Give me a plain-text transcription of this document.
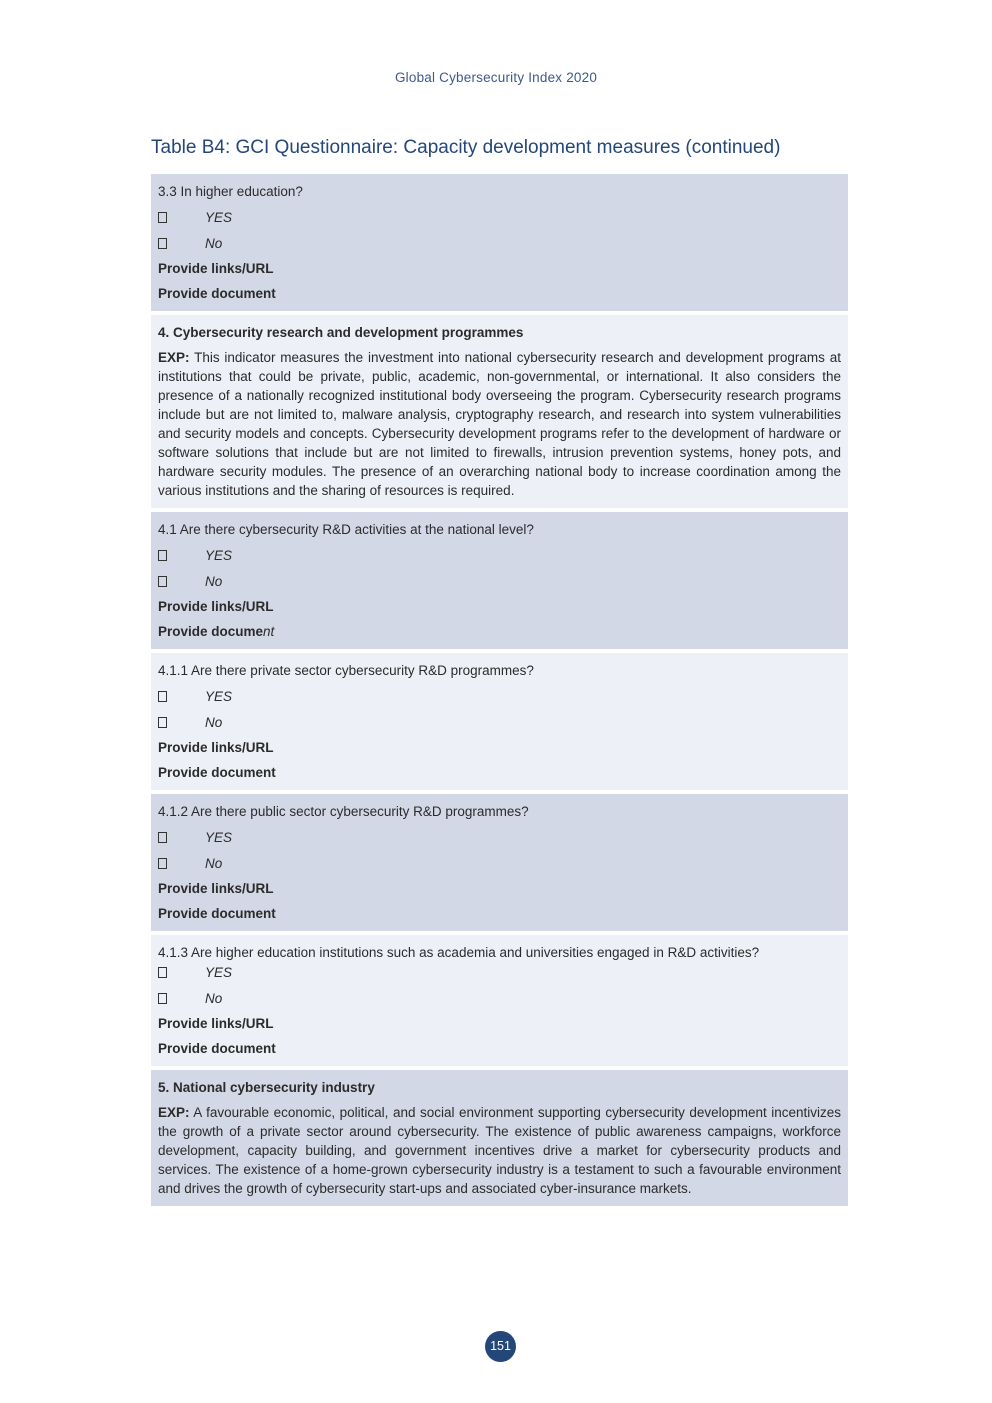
Global Cybersecurity Index 2020
Table B4: GCI Questionnaire: Capacity development measures (continued)

3.3 In higher education?

YES
No

Provide links/URL

Provide document

4. Cybersecurity research and development programmes

EXP: This indicator measures the investment into national cybersecurity research and development programs at institutions that could be private, public, academic, non-governmental, or international. It also considers the presence of a nationally recognized institutional body overseeing the program. Cybersecurity research programs include but are not limited to, malware analysis, cryptography research, and research into system vulnerabilities and security models and concepts. Cybersecurity development programs refer to the development of hardware or software solutions that include but are not limited to firewalls, intrusion prevention systems, honey pots, and hardware security modules. The presence of an overarching national body to increase coordination among the various institutions and the sharing of resources is required.

4.1 Are there cybersecurity R&D activities at the national level?

YES
No

Provide links/URL

Provide document

4.1.1 Are there private sector cybersecurity R&D programmes?

YES
No

Provide links/URL

Provide document

4.1.2 Are there public sector cybersecurity R&D programmes?

YES
No

Provide links/URL

Provide document

4.1.3 Are higher education institutions such as academia and universities engaged in R&D activities?

YES
No

Provide links/URL

Provide document

5. National cybersecurity industry

EXP: A favourable economic, political, and social environment supporting cybersecurity development incentivizes the growth of a private sector around cybersecurity. The existence of public awareness campaigns, workforce development, capacity building, and government incentives drive a market for cybersecurity products and services. The existence of a home-grown cybersecurity industry is a testament to such a favourable environment and drives the growth of cybersecurity start-ups and associated cyber-insurance markets.

151
